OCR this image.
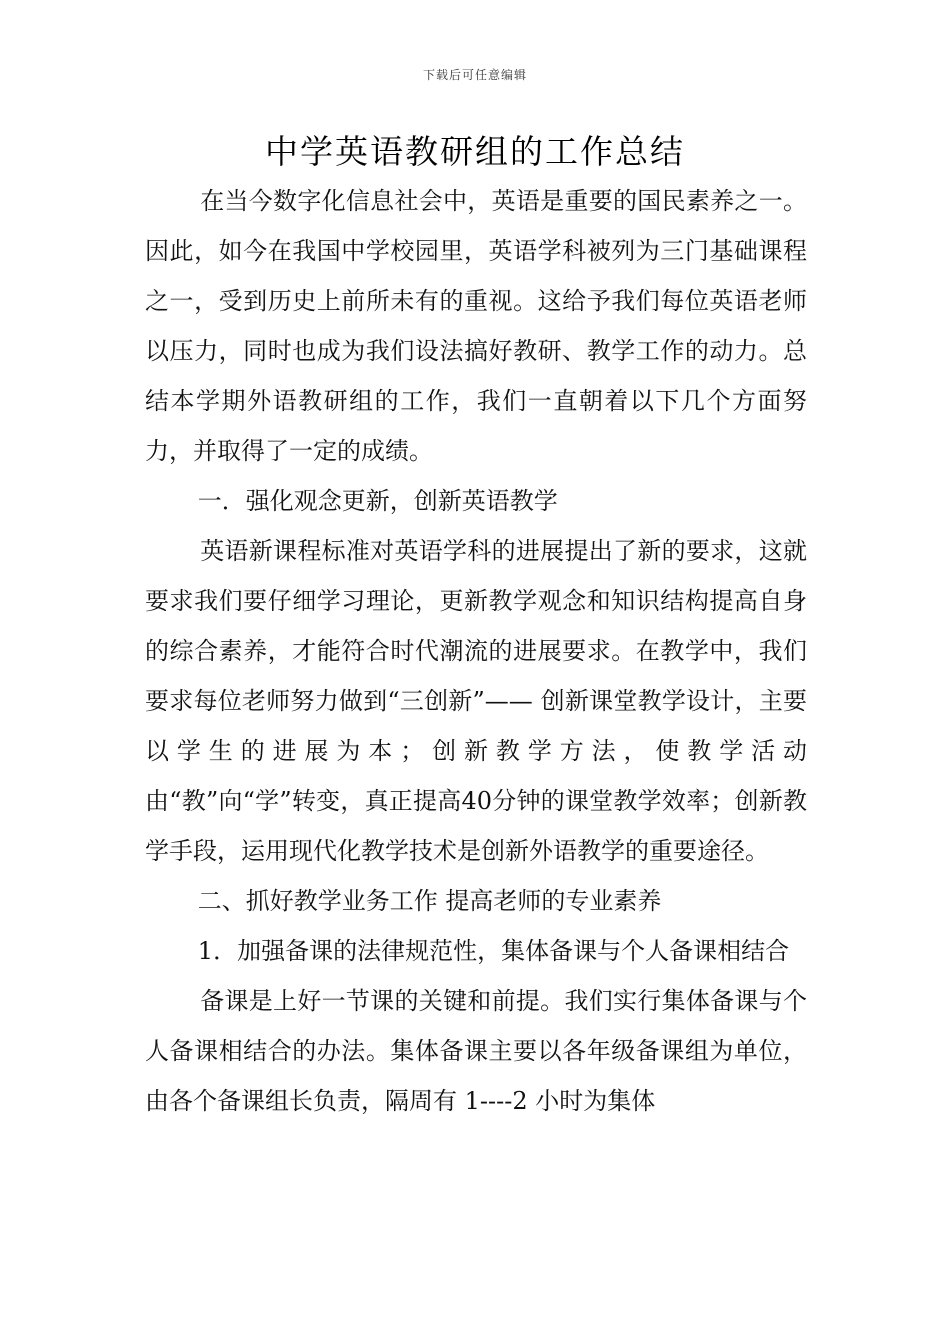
下载后可任意编辑
中学英语教研组的工作总结

在当今数字化信息社会中，英语是重要的国民素养之一。因此，如今在我国中学校园里，英语学科被列为三门基础课程之一，受到历史上前所未有的重视。这给予我们每位英语老师以压力，同时也成为我们设法搞好教研、教学工作的动力。总结本学期外语教研组的工作，我们一直朝着以下几个方面努力，并取得了一定的成绩。

一．强化观念更新，创新英语教学

英语新课程标准对英语学科的进展提出了新的要求，这就要求我们要仔细学习理论，更新教学观念和知识结构提高自身的综合素养，才能符合时代潮流的进展要求。在教学中，我们要求每位老师努力做到“三创新”—— 创新课堂教学设计，主要以学生的进展为本；创新教学方法，使教学活动由“教”向“学”转变，真正提高40分钟的课堂教学效率；创新教学手段，运用现代化教学技术是创新外语教学的重要途径。

二、抓好教学业务工作 提高老师的专业素养

1．加强备课的法律规范性，集体备课与个人备课相结合

备课是上好一节课的关键和前提。我们实行集体备课与个人备课相结合的办法。集体备课主要以各年级备课组为单位，由各个备课组长负责，隔周有 1----2 小时为集体
